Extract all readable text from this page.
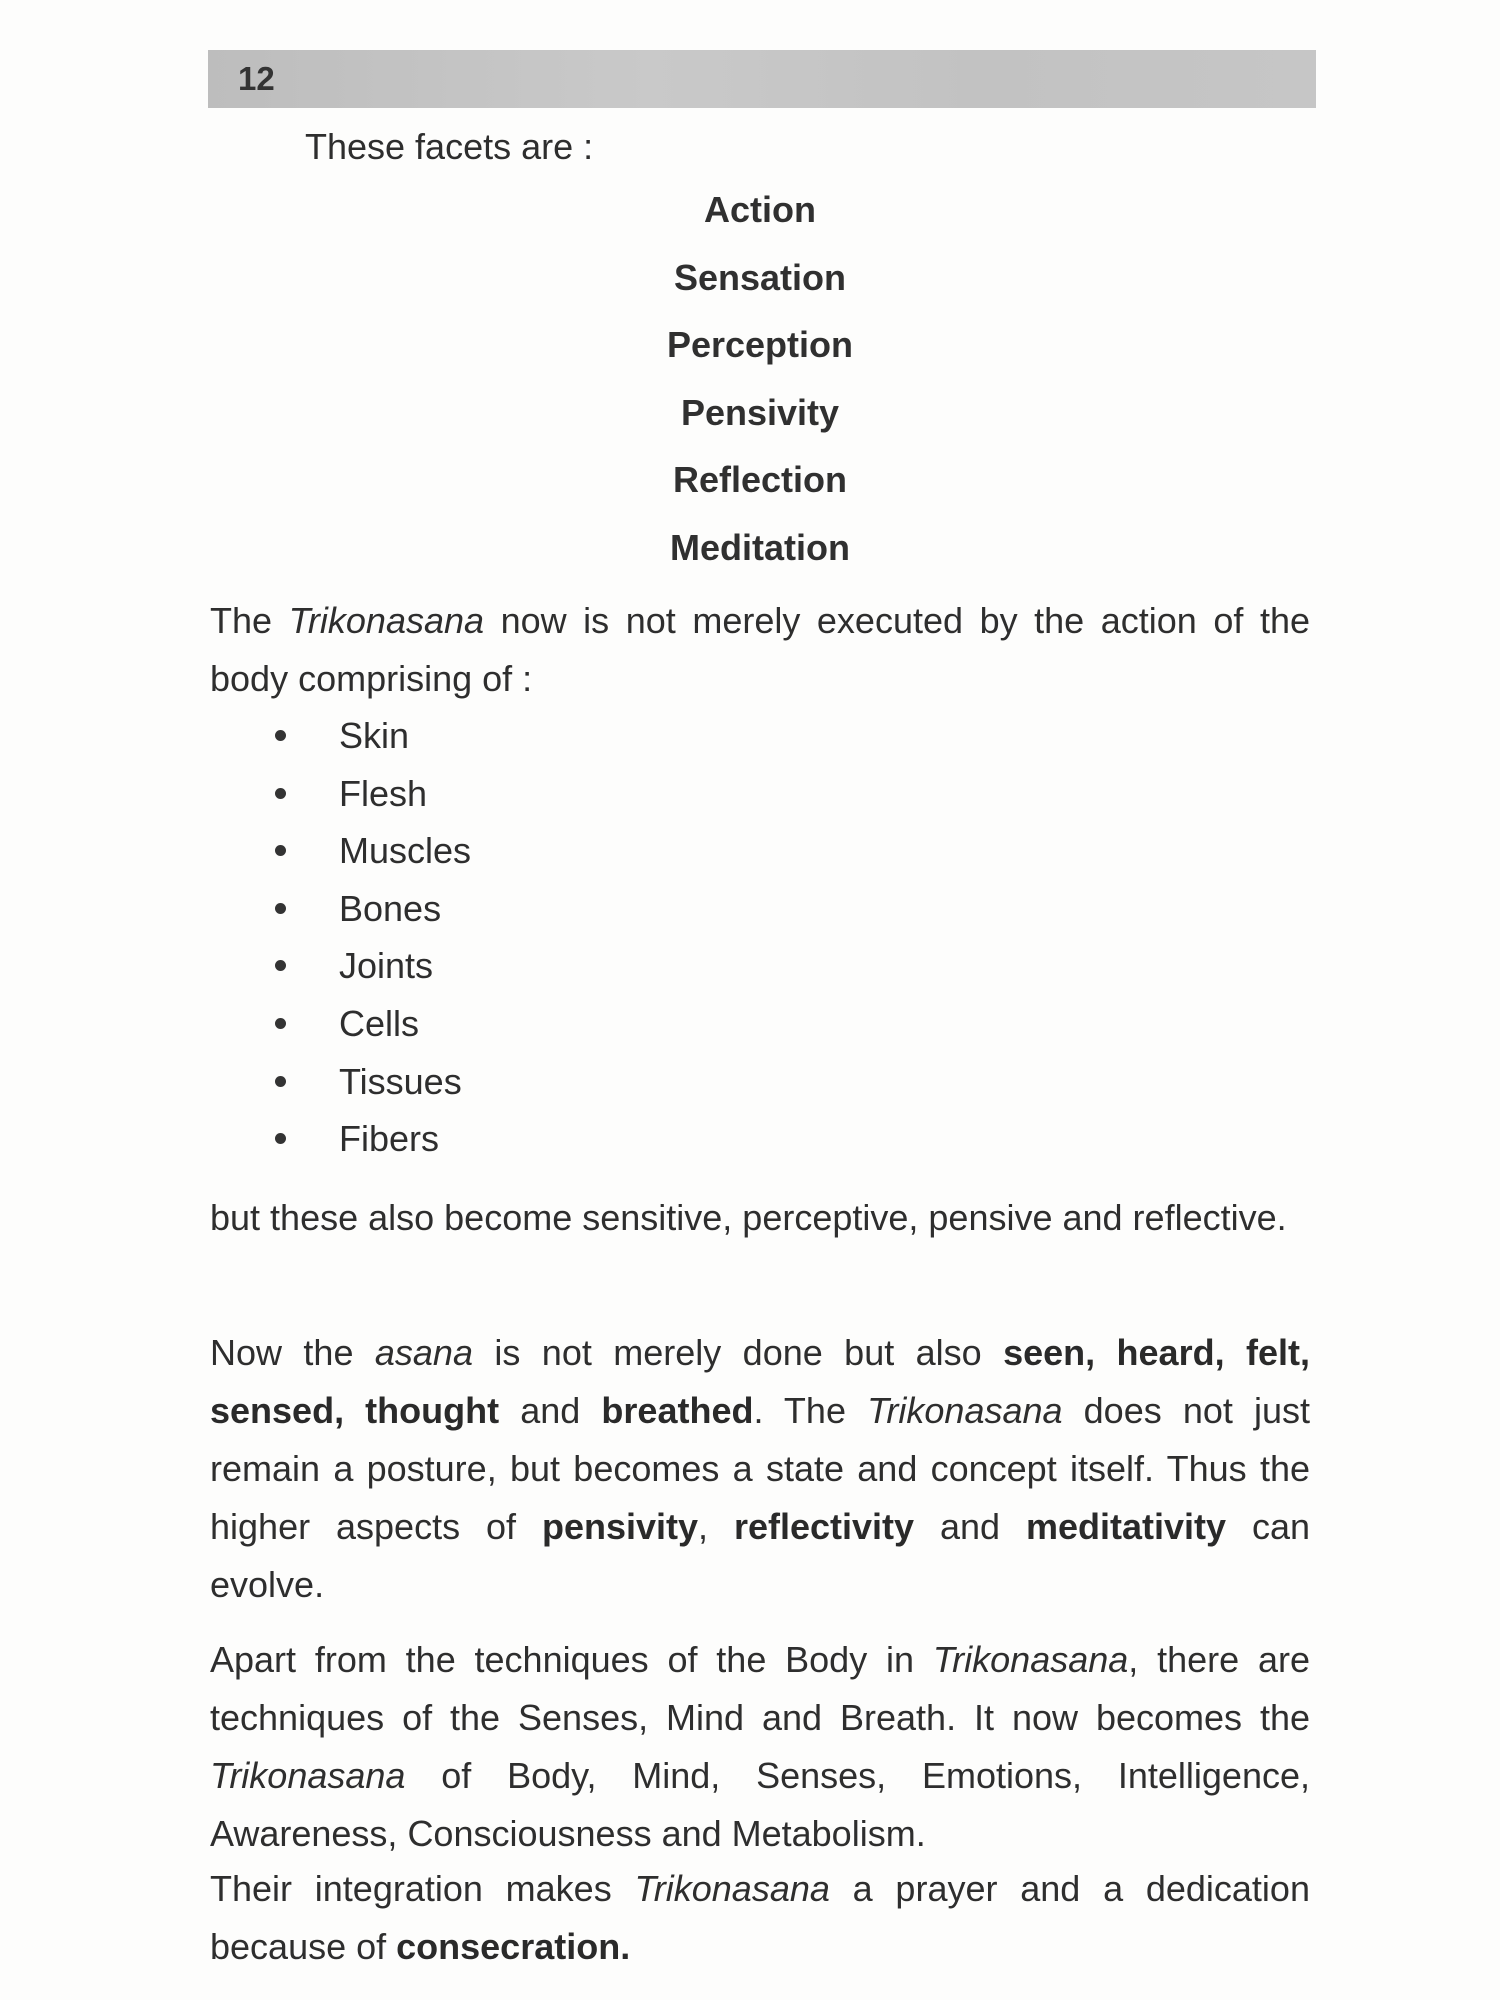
12
These facets are :
Action
Sensation
Perception
Pensivity
Reflection
Meditation
The Trikonasana now is not merely executed by the action of the body comprising of :
Skin
Flesh
Muscles
Bones
Joints
Cells
Tissues
Fibers
but these also become sensitive, perceptive, pensive and reflective.
Now the asana is not merely done but also seen, heard, felt, sensed, thought and breathed. The Trikonasana does not just remain a posture, but becomes a state and concept itself. Thus the higher aspects of pensivity, reflectivity and meditativity can evolve.
Apart from the techniques of the Body in Trikonasana, there are techniques of the Senses, Mind and Breath. It now becomes the Trikonasana of Body, Mind, Senses, Emotions, Intelligence, Awareness, Consciousness and Metabolism.
Their integration makes Trikonasana a prayer and a dedication because of consecration.
